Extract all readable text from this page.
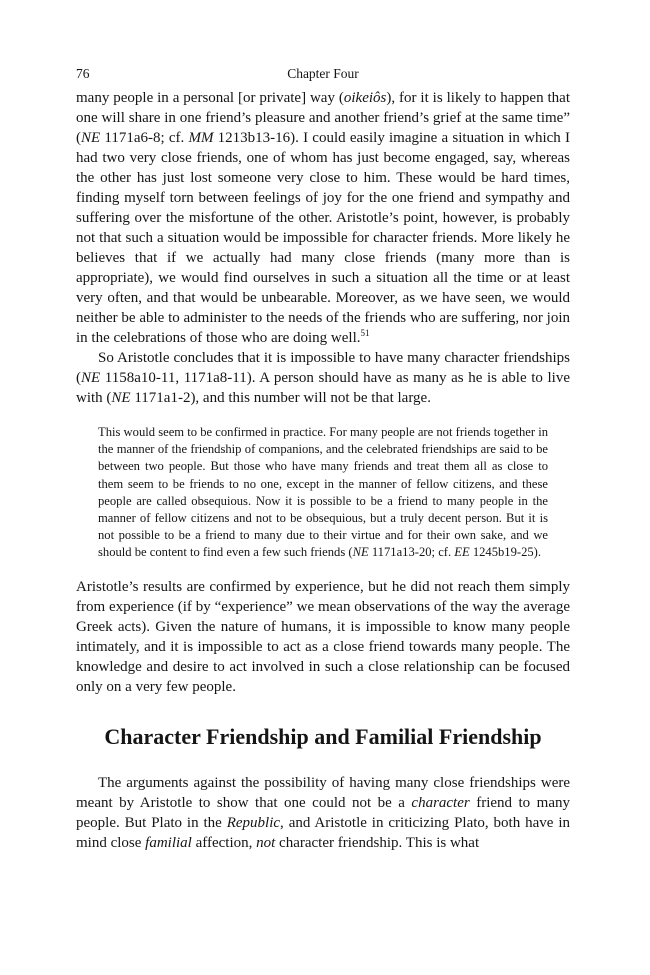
76	Chapter Four

many people in a personal [or private] way (oikeiôs), for it is likely to happen that one will share in one friend’s pleasure and another friend’s grief at the same time” (NE 1171a6-8; cf. MM 1213b13-16). I could easily imagine a situation in which I had two very close friends, one of whom has just become engaged, say, whereas the other has just lost someone very close to him. These would be hard times, finding myself torn between feelings of joy for the one friend and sympathy and suffering over the misfortune of the other. Aristotle’s point, however, is probably not that such a situation would be impossible for character friends. More likely he believes that if we actually had many close friends (many more than is appropriate), we would find ourselves in such a situation all the time or at least very often, and that would be unbearable. Moreover, as we have seen, we would neither be able to administer to the needs of the friends who are suffering, nor join in the celebrations of those who are doing well.$^{51}$

So Aristotle concludes that it is impossible to have many character friendships (NE 1158a10-11, 1171a8-11). A person should have as many as he is able to live with (NE 1171a1-2), and this number will not be that large.

This would seem to be confirmed in practice. For many people are not friends together in the manner of the friendship of companions, and the celebrated friendships are said to be between two people. But those who have many friends and treat them all as close to them seem to be friends to no one, except in the manner of fellow citizens, and these people are called obsequious. Now it is possible to be a friend to many people in the manner of fellow citizens and not to be obsequious, but a truly decent person. But it is not possible to be a friend to many due to their virtue and for their own sake, and we should be content to find even a few such friends (NE 1171a13-20; cf. EE 1245b19-25).

Aristotle’s results are confirmed by experience, but he did not reach them simply from experience (if by “experience” we mean observations of the way the average Greek acts). Given the nature of humans, it is impossible to know many people intimately, and it is impossible to act as a close friend towards many people. The knowledge and desire to act involved in such a close relationship can be focused only on a very few people.

Character Friendship and Familial Friendship

The arguments against the possibility of having many close friendships were meant by Aristotle to show that one could not be a character friend to many people. But Plato in the Republic, and Aristotle in criticizing Plato, both have in mind close familial affection, not character friendship. This is what
